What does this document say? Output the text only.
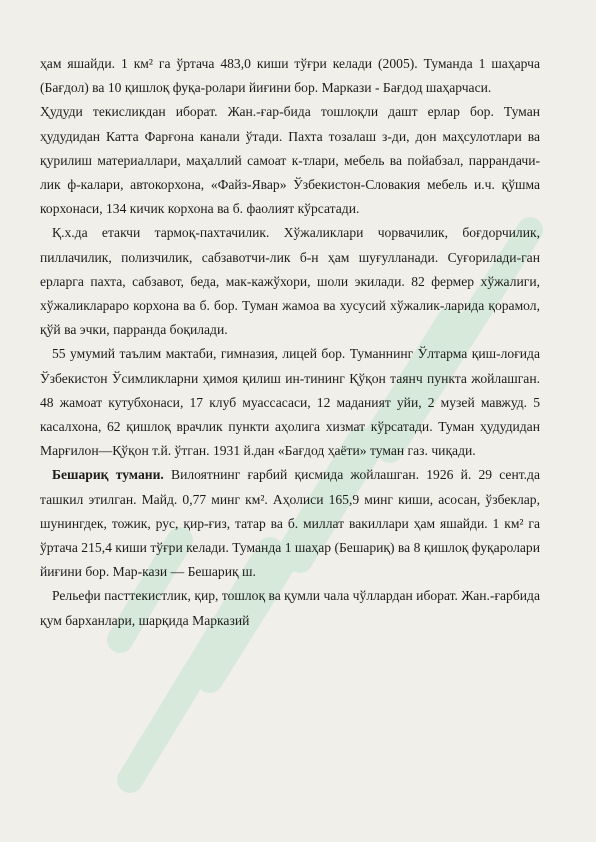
ҳам яшайди. 1 км² га ўртача 483,0 киши тўғри келади (2005). Туманда 1 шаҳарча (Бағдол) ва 10 қишлоқ фуқа-ролари йиғини бор. Маркази - Бағдод шаҳарчаси.

Ҳудуди текисликдан иборат. Жан.-ғар-бида тошлоқли дашт ерлар бор. Туман ҳудудидан Катта Фарғона канали ўтади. Пахта тозалаш з-ди, дон маҳсулотлари ва қурилиш материаллари, маҳаллий самоат к-тлари, мебель ва пойабзал, паррандачи-лик ф-калари, автокорхона, «Файз-Явар» Ўзбекистон-Словакия мебель и.ч. қўшма корхонаси, 134 кичик корхона ва б. фаолият кўрсатади.

Қ.х.да етакчи тармоқ-пахтачилик. Хўжаликлари чорвачилик, боғдорчилик, пиллачилик, полизчилик, сабзавотчи-лик б-н ҳам шуғулланади. Суғорилади-ган ерларга пахта, сабзавот, беда, мак-кажўхори, шоли экилади. 82 фермер хўжалиги, хўжаликлараро корхона ва б. бор. Туман жамоа ва хусусий хўжалик-ларида қорамол, қўй ва эчки, парранда боқилади.

55 умумий таълим мактаби, гимназия, лицей бор. Туманнинг Ўлтарма қиш-лоғида Ўзбекистон Ўсимликларни ҳимоя қилиш ин-тининг Қўқон таянч пункта жойлашган. 48 жамоат кутубхонаси, 17 клуб муассасаси, 12 маданият уйи, 2 музей мавжуд. 5 касалхона, 62 қишлоқ врачлик пункти аҳолига хизмат кўрсатади. Туман ҳудудидан Марғилон—Қўқон т.й. ўтган. 1931 й.дан «Бағдод ҳаёти» туман газ. чиқади.

Бешариқ тумани. Вилоятнинг ғарбий қисмида жойлашган. 1926 й. 29 сент.да ташкил этилган. Майд. 0,77 минг км². Аҳолиси 165,9 минг киши, асосан, ўзбеклар, шунингдек, тожик, рус, қир-ғиз, татар ва б. миллат вакиллари ҳам яшайди. 1 км² га ўртача 215,4 киши тўғри келади. Туманда 1 шаҳар (Бешариқ) ва 8 қишлоқ фуқаролари йиғини бор. Мар-кази — Бешариқ ш.

Рельефи пасттекистлик, қир, тошлоқ ва қумли чала чўллардан иборат. Жан.-ғарбида қум барханлари, шарқида Марказий
